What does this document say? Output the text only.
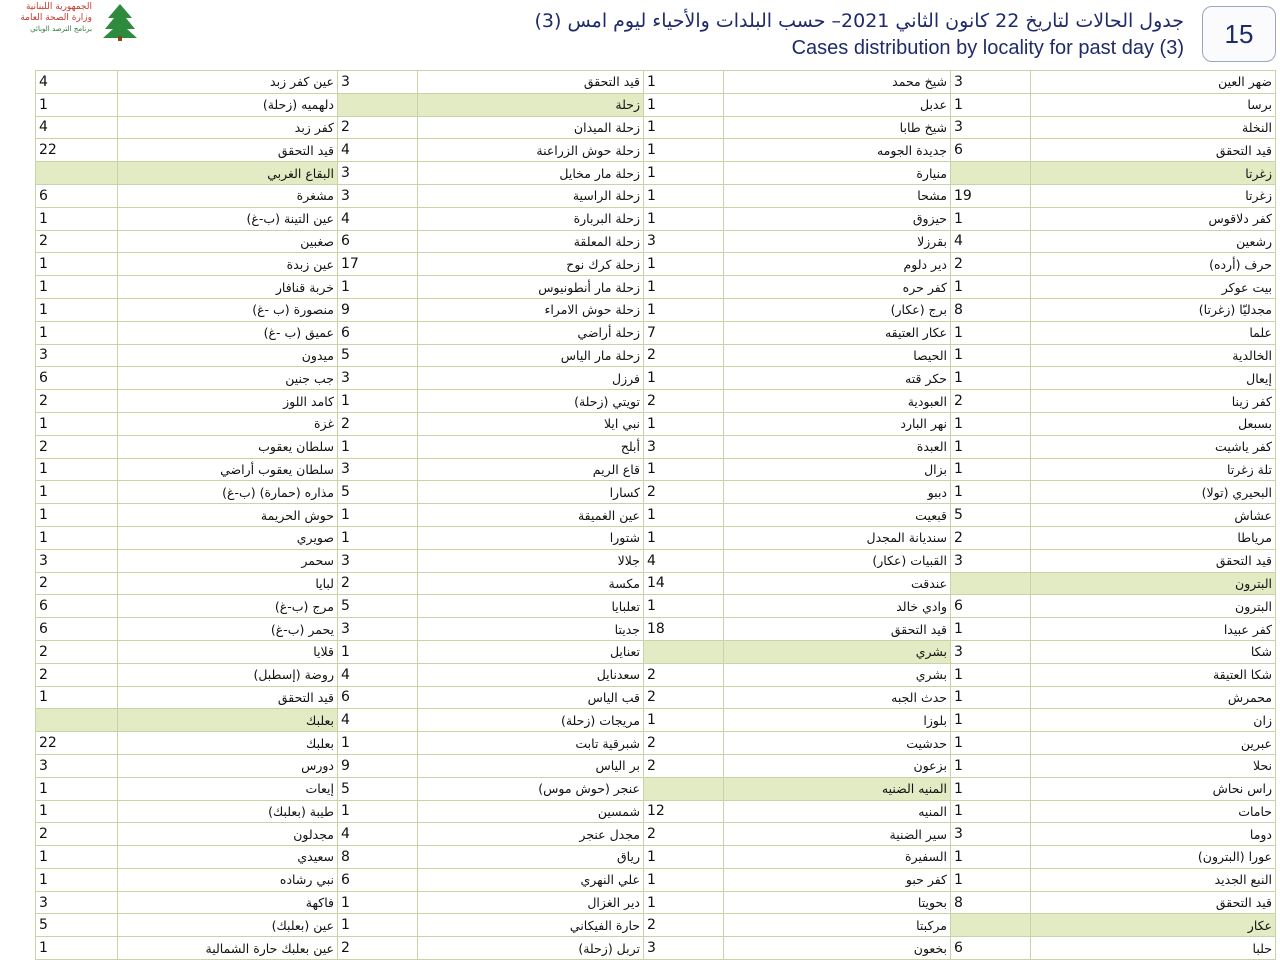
الجمهورية اللبنانية
وزارة الصحة العامة
برنامج الترصد الوبائي	جدول الحالات لتاريخ 22 كانون الثاني 2021– حسب البلدات والأحياء ليوم امس (3)
Cases distribution by locality for past day (3)	15
4	عين كفر زبد	3	قيد التحقق	1	شيخ محمد	3	ضهر العين
1	دلهميه (زحلة)		زحلة	1	عدبل	1	برسا
4	كفر زبد	2	زحلة الميدان	1	شيخ طابا	3	النخلة
22	قيد التحقق	4	زحلة حوش الزراعنة	1	جديدة الجومه	6	قيد التحقق
	البقاع الغربي	3	زحلة مار مخايل	1	منيارة		زغرتا
6	مشغرة	3	زحلة الراسية	1	مشحا	19	زغرتا
1	عين التينة (ب-غ)	4	زحلة البربارة	1	حيزوق	1	كفر دلاقوس
2	صغبين	6	زحلة المعلقة	3	بقرزلا	4	رشعين
1	عين زبدة	17	زحلة كرك نوح	1	دير دلوم	2	حرف (أرده)
1	خربة قنافار	1	زحلة مار أنطونيوس	1	كفر حره	1	بيت عوكر
1	منصورة (ب -غ)	9	زحلة حوش الامراء	1	برج (عكار)	8	مجدليّا (زغرتا)
1	عميق (ب -غ)	6	زحلة أراضي	7	عكار العتيقه	1	علما
3	ميدون	5	زحلة مار الياس	2	الحيصا	1	الخالدية
6	جب جنين	3	فرزل	1	حكر قته	1	إيعال
2	كامد اللوز	1	تويتي (زحلة)	2	العبودية	2	كفر زينا
1	غزة	2	نبي ايلا	1	نهر البارد	1	بسبعل
2	سلطان يعقوب	1	أبلح	3	العبدة	1	كفر ياشيت
1	سلطان يعقوب أراضي	3	قاع الريم	1	بزال	1	تلة زغرتا
1	مذاره (حمارة) (ب-غ)	5	كسارا	2	دببو	1	البحيري (تولا)
1	حوش الحريمة	1	عين الغميقة	1	قبعيت	5	عشاش
1	صويري	1	شتورا	1	سنديانة المجدل	2	مرياطا
3	سحمر	3	جلالا	4	القبيات (عكار)	3	قيد التحقق
2	لبايا	2	مكسة	14	عندقت		البترون
6	مرج (ب-غ)	5	تعلبايا	1	وادي خالد	6	البترون
6	يحمر (ب-غ)	3	جديتا	18	قيد التحقق	1	كفر عبيدا
2	قلايا	1	تعنايل		بشري	3	شكا
2	روضة (إسطبل)	4	سعدنايل	2	بشري	1	شكا العتيقة
1	قيد التحقق	6	قب الياس	2	حدث الجبه	1	محمرش
	بعلبك	4	مريجات (زحلة)	1	بلوزا	1	زان
22	بعلبك	1	شبرقية تابت	2	حدشيت	1	عبرين
3	دورس	9	بر الياس	2	بزعون	1	نحلا
1	إيعات	5	عنجر (حوش موس)		المنيه الضنيه	1	راس نحاش
1	طيبة (بعلبك)	1	شمسين	12	المنيه	1	حامات
2	مجدلون	4	مجدل عنجر	2	سير الضنية	3	دوما
1	سعيدي	8	رياق	1	السفيرة	1	عورا (البترون)
1	نبي رشاده	6	علي النهري	1	كفر حبو	1	النبع الجديد
3	فاكهة	1	دير الغزال	1	بحويتا	8	قيد التحقق
5	عين (بعلبك)	1	حارة الفيكاني	2	مركبتا		عكار
1	عين بعلبك حارة الشمالية	2	تربل (زحلة)	3	بخعون	6	حلبا
